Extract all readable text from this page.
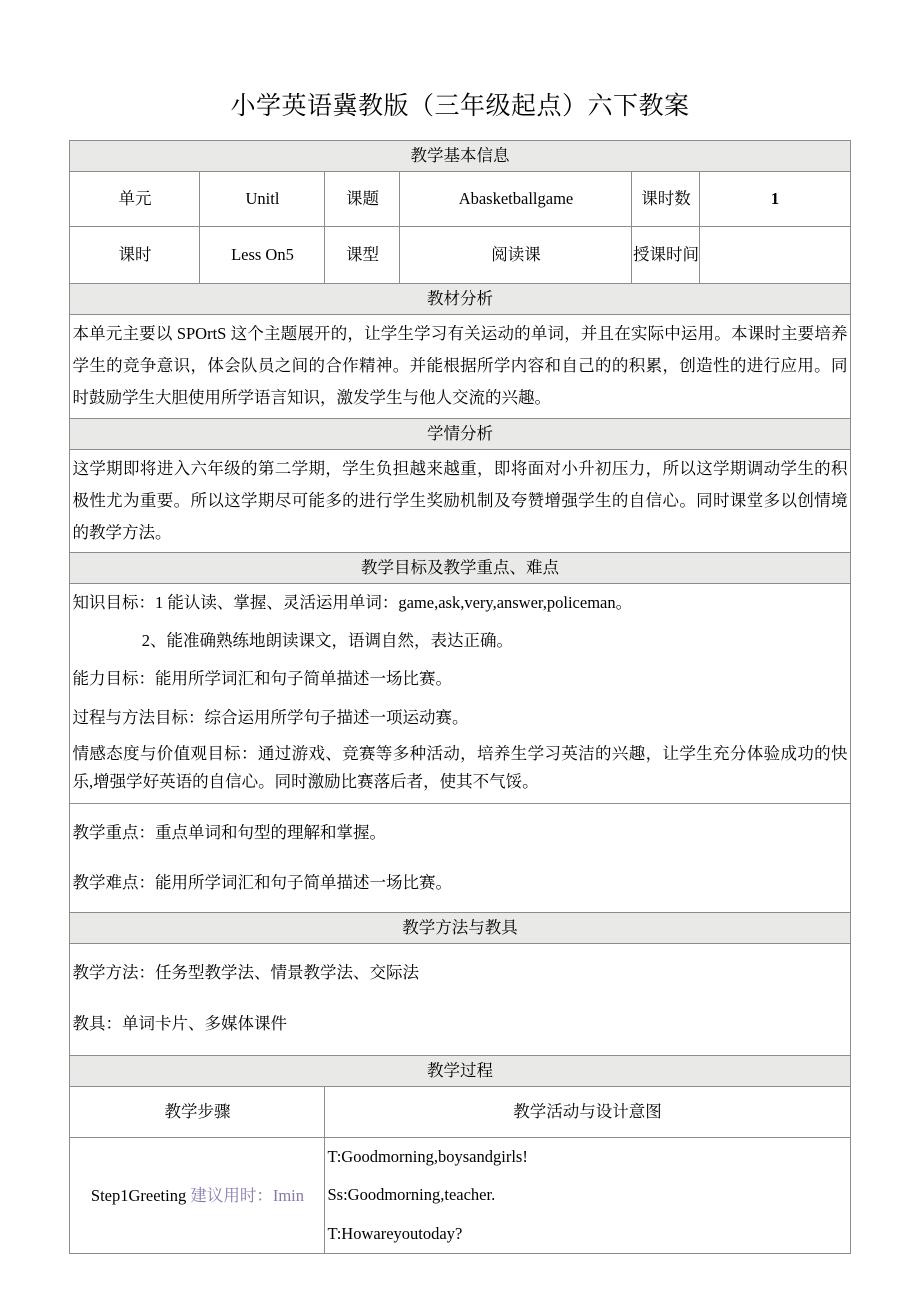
小学英语冀教版（三年级起点）六下教案
教学基本信息					
单元	Unitl	课题	Abasketballgame	课时数	1
课时	Less On5	课型	阅读课	授课时间	
教材分析					

本单元主要以 SPOrtS 这个主题展开的，让学生学习有关运动的单词，并且在实际中运用。本课时主要培养学生的竞争意识，体会队员之间的合作精神。并能根据所学内容和自己的的积累，创造性的进行应用。同时鼓励学生大胆使用所学语言知识，激发学生与他人交流的兴趣。					

学情分析					

这学期即将进入六年级的第二学期，学生负担越来越重，即将面对小升初压力，所以这学期调动学生的积极性尤为重要。所以这学期尽可能多的进行学生奖励机制及夸赞增强学生的自信心。同时课堂多以创情境的教学方法。					

教学目标及教学重点、难点					

知识目标：1 能认读、掌握、灵活运用单词：game,ask,very,answer,policeman。

2、能准确熟练地朗读课文，语调自然，表达正确。

能力目标：能用所学词汇和句子简单描述一场比赛。

过程与方法目标：综合运用所学句子描述一项运动赛。

情感态度与价值观目标：通过游戏、竞赛等多种活动，培养生学习英洁的兴趣，让学生充分体验成功的快乐,增强学好英语的自信心。同时激励比赛落后者，使其不气馁。					

教学重点：重点单词和句型的理解和掌握。

教学难点：能用所学词汇和句子简单描述一场比赛。					

教学方法与教具					

教学方法：任务型教学法、情景教学法、交际法

教具：单词卡片、多媒体课件					

教学过程					
教学步骤		教学活动与设计意图			
Step1Greeting 建议用时：Imin		T:Goodmorning,boysandgirls!

Ss:Goodmorning,teacher.

T:Howareyoutoday?			
